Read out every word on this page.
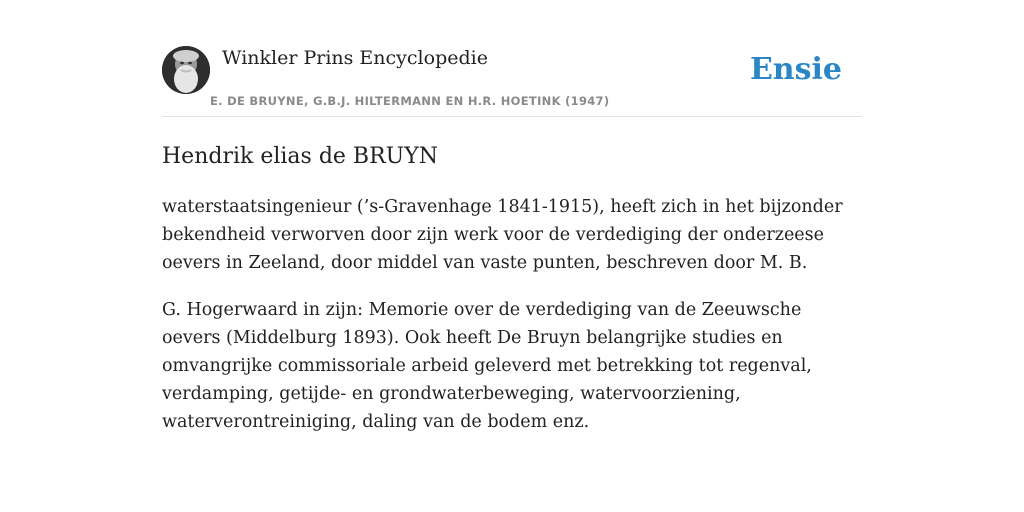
Winkler Prins Encyclopedie
E. DE BRUYNE, G.B.J. HILTERMANN EN H.R. HOETINK (1947)
Ensie
Hendrik elias de BRUYN

waterstaatsingenieur (’s-Gravenhage 1841-1915), heeft zich in het bijzonder bekendheid verworven door zijn werk voor de verdediging der onderzeese oevers in Zeeland, door middel van vaste punten, beschreven door M. B.

G. Hogerwaard in zijn: Memorie over de verdediging van de Zeeuwsche oevers (Middelburg 1893). Ook heeft De Bruyn belangrijke studies en omvangrijke commissoriale arbeid geleverd met betrekking tot regenval, verdamping, getijde- en grondwaterbeweging, watervoorziening, waterverontreiniging, daling van de bodem enz.
